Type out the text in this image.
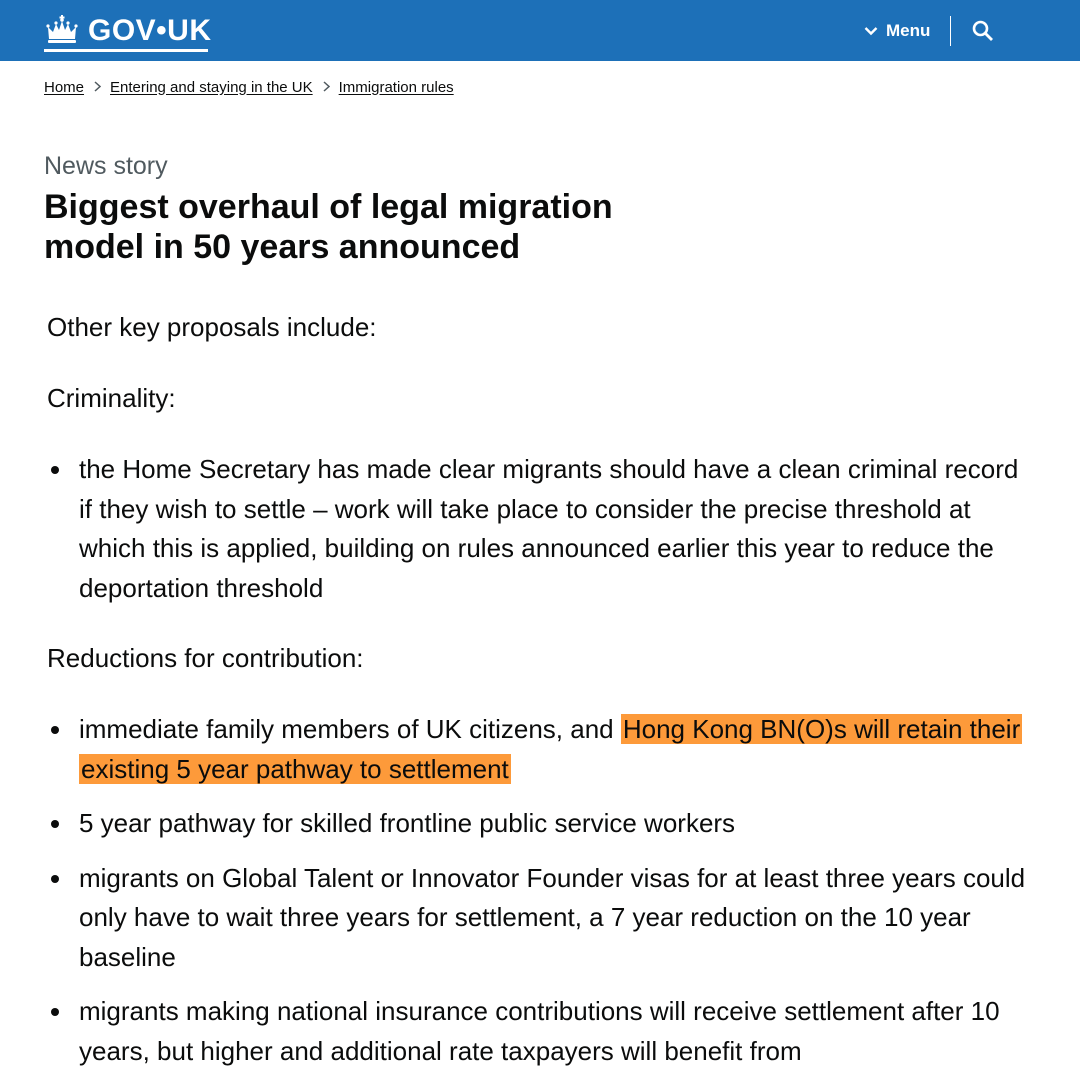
GOV•UK	Menu
Home Entering and staying in the UK Immigration rules
News story
Biggest overhaul of legal migration model in 50 years announced

Other key proposals include:

Criminality:

the Home Secretary has made clear migrants should have a clean criminal record if they wish to settle – work will take place to consider the precise threshold at which this is applied, building on rules announced earlier this year to reduce the deportation threshold

Reductions for contribution:

immediate family members of UK citizens, and Hong Kong BN(O)s will retain their existing 5 year pathway to settlement
5 year pathway for skilled frontline public service workers
migrants on Global Talent or Innovator Founder visas for at least three years could only have to wait three years for settlement, a 7 year reduction on the 10 year baseline
migrants making national insurance contributions will receive settlement after 10 years, but higher and additional rate taxpayers will benefit from
